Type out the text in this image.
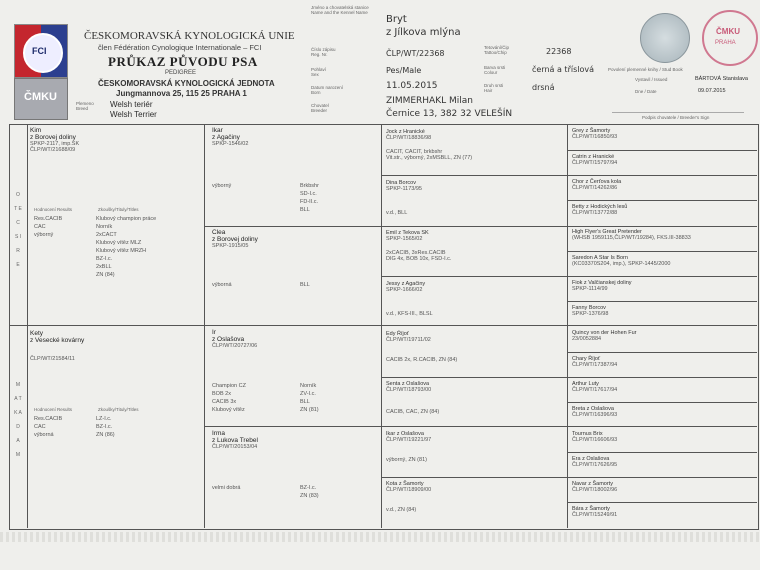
FCI
ČMKU
ČESKOMORAVSKÁ KYNOLOGICKÁ UNIE
člen Fédération Cynologique Internationale – FCI
PRŮKAZ PŮVODU PSA
PEDIGREE
ČESKOMORAVSKÁ KYNOLOGICKÁ JEDNOTA
Jungmannova 25, 115 25 PRAHA 1
Plemeno
Breed	Welsh teriér
Welsh Terrier
Jméno a chovatelská stanice
Name and the Kennel Name
Číslo zápisu
Reg. Nr.
Pohlaví
Sex
Datum narození
Born
Chovatel
Breeder
Bryt
z Jílkova mlýna
ČLP/WT/22368
Pes/Male
11.05.2015
ZIMMERHAKL Milan
Černice 13, 382 32 VELEŠÍN
Tetování/Čip
Tattoo/Chip
Barva srsti
Colour
Druh srsti
Hair
22368
černá a tříslová
drsná
ČMKU
PRAHA
Povolení plemenné knihy / Stud Book
Vystavil / Issued	BÁRTOVÁ Stanislava
Dne / Date	09.07.2015
Podpis chovatele / Breeder's Sign
O T E C S I R E
M A T K A D A M
Kim
z Borovej doliny
SPKP-2117, imp.SK
ČLP/WT/21688/09
Hodnocení Results	Zkoušky/Tituly/Titles
Res.CACIB
CAC
výborný
Klubový champion práce
Norník
2xCACT
Klubový vítěz MLZ
Klubový vítěz MRZH
BZ-I.c.
2xBLL
ZN (84)
Kety
z Vesecké kovárny
ČLP/WT/21584/11
Hodnocení Results	Zkoušky/Tituly/Titles
Res.CACIB
CAC
výborná
LZ-I.c.
BZ-I.c.
ZN (86)
Ikar
z Agačiny
SPKP-1546/02
výborný	Brkbshr
SD-I.c.
FD-II.c.
BLL
Clea
z Borovej doliny
SPKP-1915/05
výborná	BLL
Ir
z Oslašova
ČLP/WT/20727/06
Champion CZ
BOB 2x
CACIB 3x
Klubový vítěz
Norník
ZV-I.c.
BLL
ZN (81)
Irma
z Lukova Trebel
ČLP/WT/20153/04
velmi dobrá	BZ-I.c.
ZN (83)
Jock z Hranické
ČLP/WT/18836/98
CACIT, CACIT, brkbshr
Vit.str., výborný, 2xMSBLL, ZN (77)
Dina Borcov
SPKP-1173/95
v.d., BLL
Emil z Tekova SK
SPKP-1565/02
2xCACIB, 3xRes.CACIB
DIG 4x, BOB 10x, FSD-I.c.
Jessy z Agačiny
SPKP-1666/02
v.d., KFS-III., BLSL
Edy Říjoť
ČLP/WT/19711/02
CACIB 2x, R.CACIB, ZN (84)
Senta z Oslašova
ČLP/WT/18793/00
CACIB, CAC, ZN (84)
Ikar z Oslašova
ČLP/WT/19221/97
výborný, ZN (81)
Kota z Šamorty
ČLP/WT/18909/00
v.d., ZN (84)
Grey z Šamorty
ČLP/WT/16850/93
Catrin z Hranické
ČLP/WT/15797/94
Chor z Čerťova kola
ČLP/WT/14262/86
Betty z Hodických lesů
ČLP/WT/13772/88
High Flyer's Great Pretender
(WHSB 1959115,ČLP/WT/19284), FKS.III-38833
Saredon A Star Is Born
(KC03370S204, imp.), SPKP-1445/2000
Fiok z Valčianskej doliny
SPKP-1114/99
Fanny Borcov
SPKP-1376/98
Quincy von der Hohen Fur
23/0052884
Chary Říjoť
ČLP/WT/17387/94
Arthur Luty
ČLP/WT/17617/94
Breta z Oslašova
ČLP/WT/16396/93
Tournus Brix
ČLP/WT/16606/93
Era z Oslašova
ČLP/WT/17626/95
Navar z Šamorty
ČLP/WT/18002/96
Bára z Šamorty
ČLP/WT/15249/91
